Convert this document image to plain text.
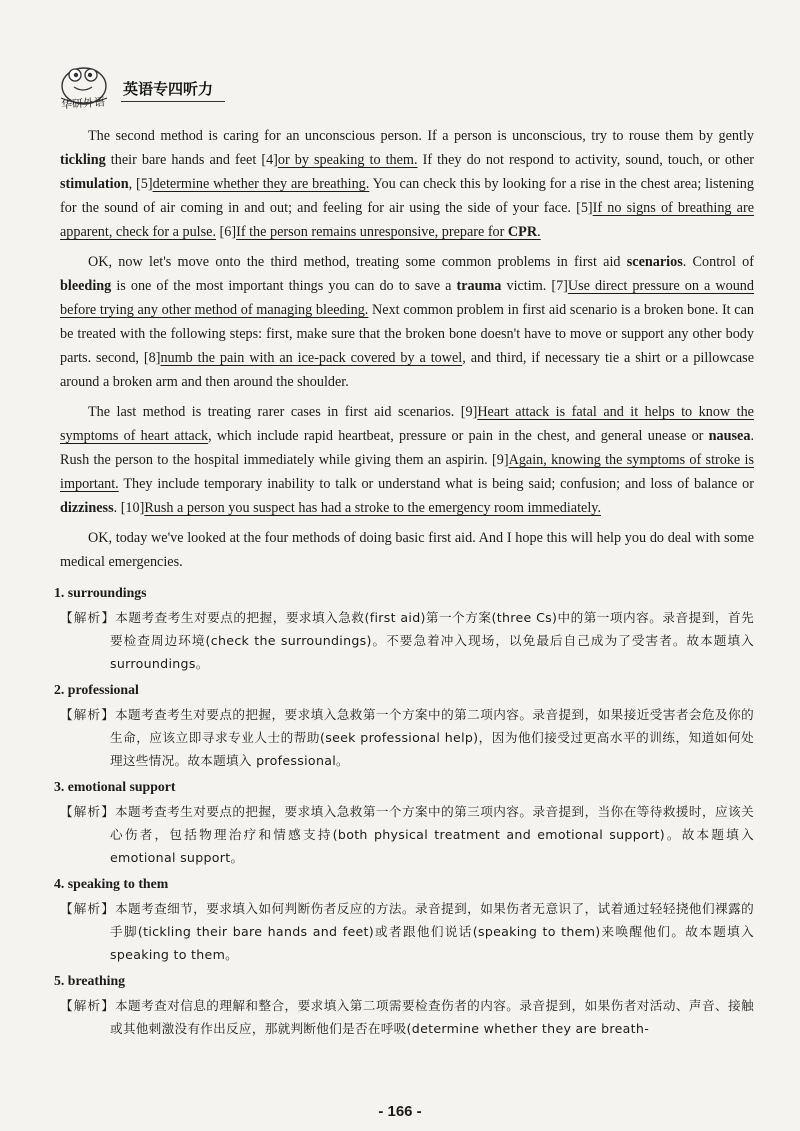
华研外语
英语专四听力

The second method is caring for an unconscious person. If a person is unconscious, try to rouse them by gently tickling their bare hands and feet [4]or by speaking to them. If they do not respond to activity, sound, touch, or other stimulation, [5]determine whether they are breathing. You can check this by looking for a rise in the chest area; listening for the sound of air coming in and out; and feeling for air using the side of your face. [5]If no signs of breathing are apparent, check for a pulse. [6]If the person remains unresponsive, prepare for CPR.

OK, now let's move onto the third method, treating some common problems in first aid scenarios. Control of bleeding is one of the most important things you can do to save a trauma victim. [7]Use direct pressure on a wound before trying any other method of managing bleeding. Next common problem in first aid scenario is a broken bone. It can be treated with the following steps: first, make sure that the broken bone doesn't have to move or support any other body parts. second, [8]numb the pain with an ice-pack covered by a towel, and third, if necessary tie a shirt or a pillowcase around a broken arm and then around the shoulder.

The last method is treating rarer cases in first aid scenarios. [9]Heart attack is fatal and it helps to know the symptoms of heart attack, which include rapid heartbeat, pressure or pain in the chest, and general unease or nausea. Rush the person to the hospital immediately while giving them an aspirin. [9]Again, knowing the symptoms of stroke is important. They include temporary inability to talk or understand what is being said; confusion; and loss of balance or dizziness. [10]Rush a person you suspect has had a stroke to the emergency room immediately.

OK, today we've looked at the four methods of doing basic first aid. And I hope this will help you do deal with some medical emergencies.

1. surroundings

【解析】本题考查考生对要点的把握，要求填入急救(first aid)第一个方案(three Cs)中的第一项内容。录音提到，首先要检查周边环境(check the surroundings)。不要急着冲入现场，以免最后自己成为了受害者。故本题填入 surroundings。

2. professional

【解析】本题考查考生对要点的把握，要求填入急救第一个方案中的第二项内容。录音提到，如果接近受害者会危及你的生命，应该立即寻求专业人士的帮助(seek professional help)，因为他们接受过更高水平的训练，知道如何处理这些情况。故本题填入 professional。

3. emotional support

【解析】本题考查考生对要点的把握，要求填入急救第一个方案中的第三项内容。录音提到，当你在等待救援时，应该关心伤者，包括物理治疗和情感支持(both physical treatment and emotional support)。故本题填入 emotional support。

4. speaking to them

【解析】本题考查细节，要求填入如何判断伤者反应的方法。录音提到，如果伤者无意识了，试着通过轻轻挠他们裸露的手脚(tickling their bare hands and feet)或者跟他们说话(speaking to them)来唤醒他们。故本题填入 speaking to them。

5. breathing

【解析】本题考查对信息的理解和整合，要求填入第二项需要检查伤者的内容。录音提到，如果伤者对活动、声音、接触或其他刺激没有作出反应，那就判断他们是否在呼吸(determine whether they are breath-

- 166 -
